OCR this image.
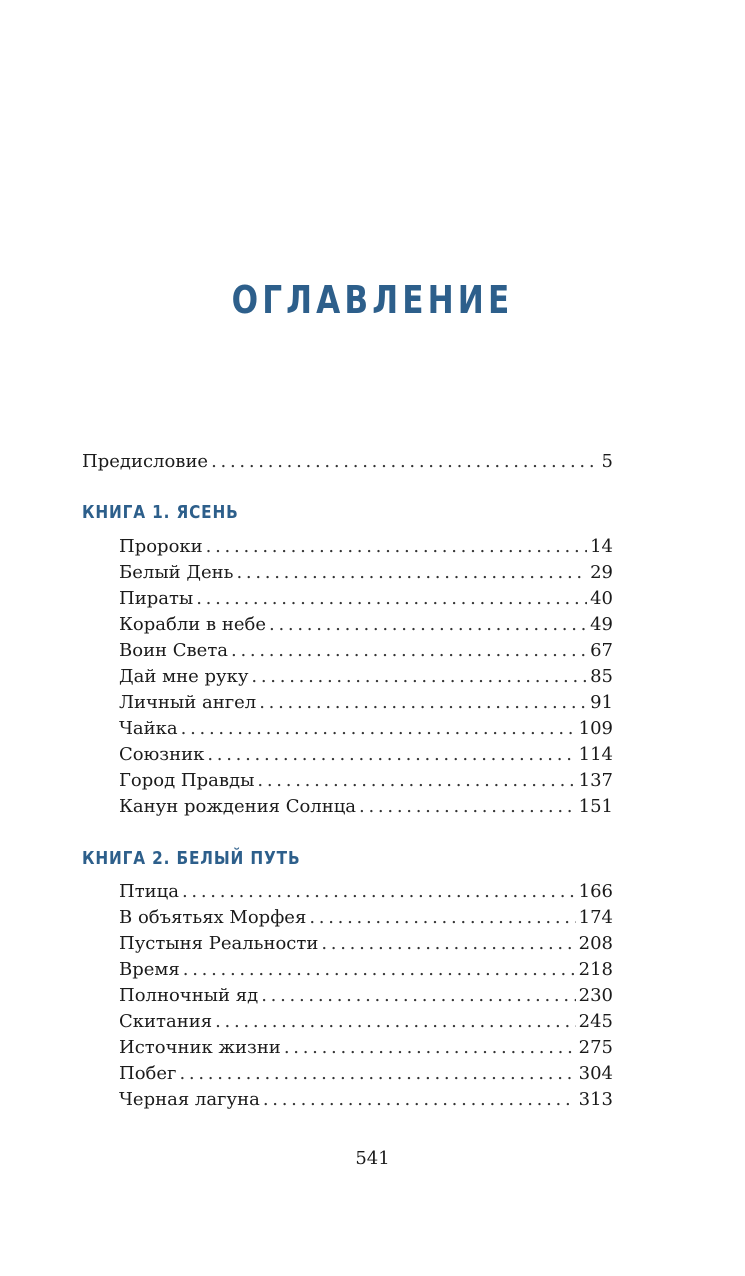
ОГЛАВЛЕНИЕ
Предисловие . . .	5
КНИГА 1. ЯСЕНЬ
Пророки . . .	14
Белый День . . .	29
Пираты . . .	40
Корабли в небе . . .	49
Воин Света . . .	67
Дай мне руку . . .	85
Личный ангел . . .	91
Чайка . . .	109
Союзник . . .	114
Город Правды . . .	137
Канун рождения Солнца . . .	151
КНИГА 2. БЕЛЫЙ ПУТЬ
Птица . . .	166
В объятьях Морфея . . .	174
Пустыня Реальности . . .	208
Время . . .	218
Полночный яд . . .	230
Скитания . . .	245
Источник жизни . . .	275
Побег . . .	304
Черная лагуна . . .	313
541
